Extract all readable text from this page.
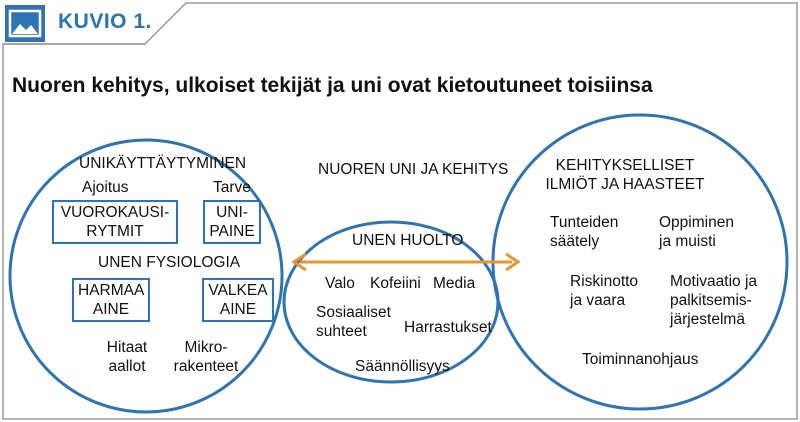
KUVIO 1.
Nuoren kehitys, ulkoiset tekijät ja uni ovat kietoutuneet toisiinsa
UNIKÄYTTÄYTYMINEN
Ajoitus	Tarve
VUOROKAUSI-
RYTMIT
UNI-
PAINE
UNEN FYSIOLOGIA
HARMAA
AINE
VALKEA
AINE
Hitaat
aallot
Mikro-
rakenteet
NUOREN UNI JA KEHITYS
UNEN HUOLTO
Valo Kofeiini Media
Sosiaaliset
suhteet	Harrastukset
Säännöllisyys
KEHITYKSELLISET
ILMIÖT JA HAASTEET
Tunteiden
säätely
Oppiminen
ja muisti
Riskinotto
ja vaara
Motivaatio ja
palkitsemis-
järjestelmä
Toiminnanohjaus
